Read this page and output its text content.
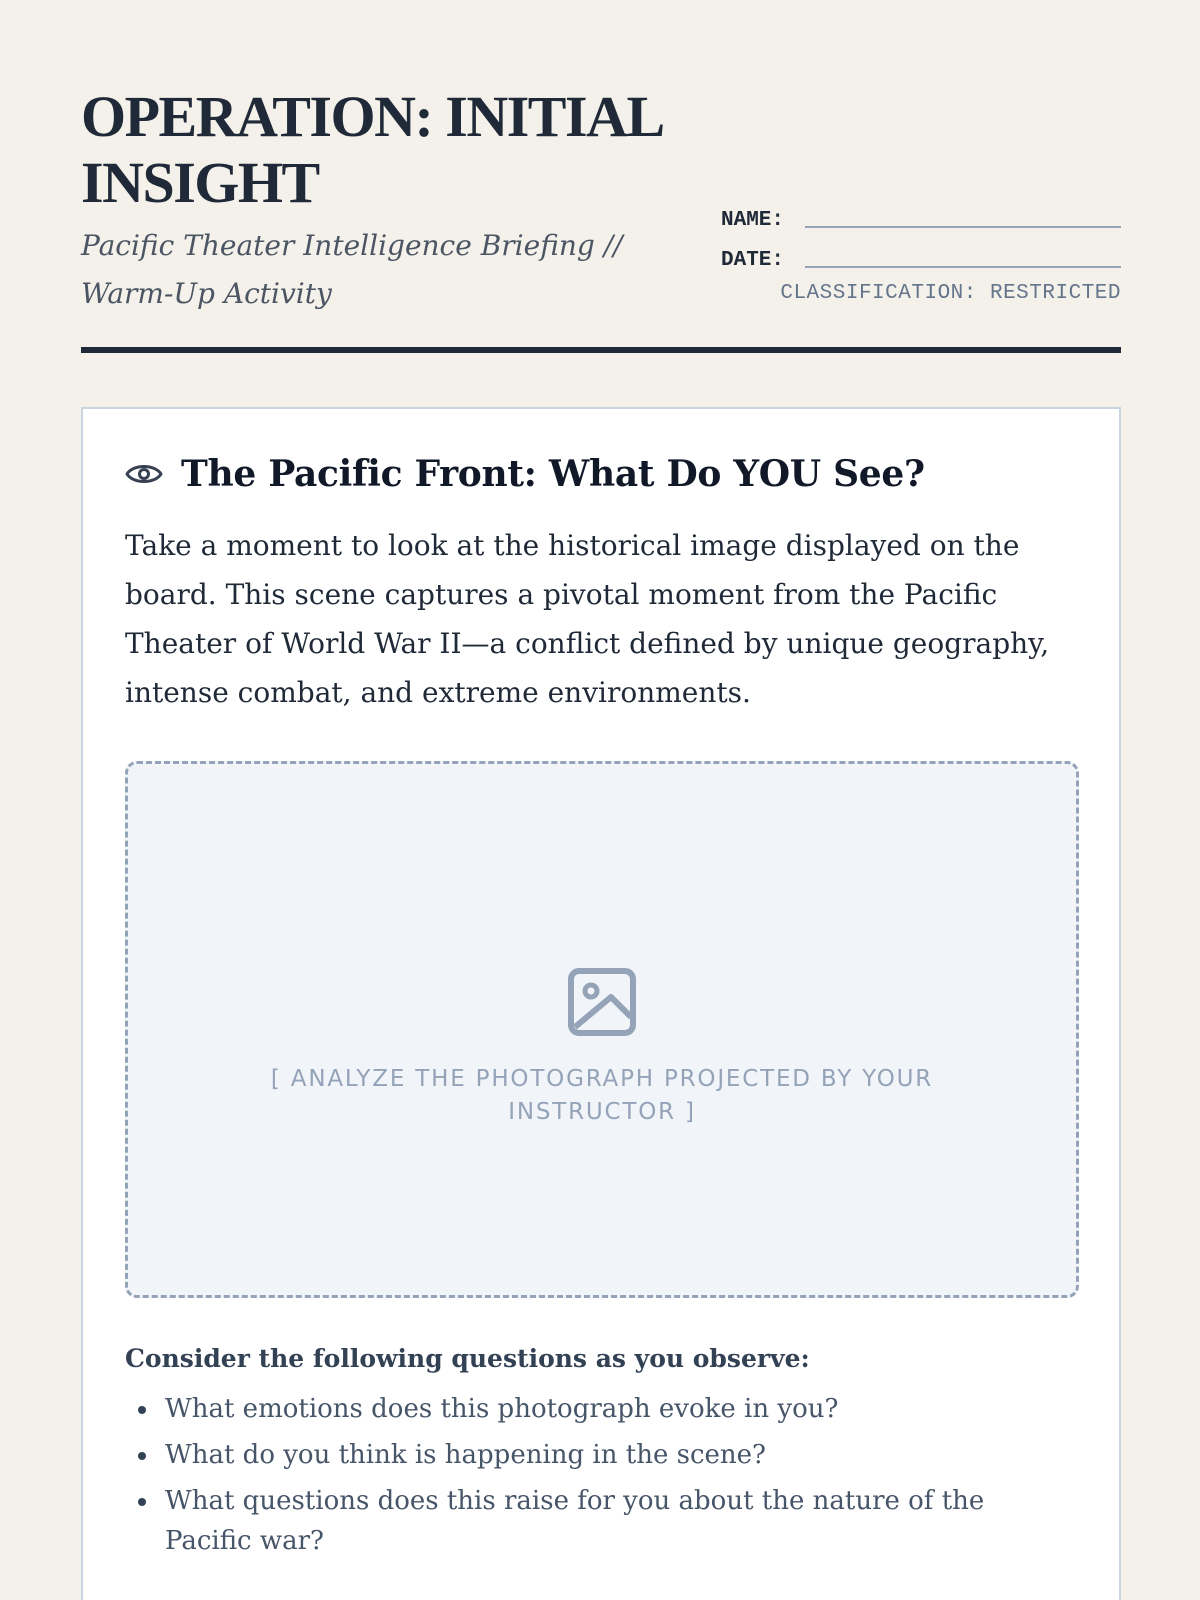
OPERATION: INITIAL INSIGHT
Pacific Theater Intelligence Briefing // Warm-Up Activity
NAME:
DATE:
CLASSIFICATION: RESTRICTED
The Pacific Front: What Do YOU See?

Take a moment to look at the historical image displayed on the board. This scene captures a pivotal moment from the Pacific Theater of World War II—a conflict defined by unique geography, intense combat, and extreme environments.

[ ANALYZE THE PHOTOGRAPH PROJECTED BY YOUR INSTRUCTOR ]
Consider the following questions as you observe:
What emotions does this photograph evoke in you?
What do you think is happening in the scene?
What questions does this raise for you about the nature of the Pacific war?
